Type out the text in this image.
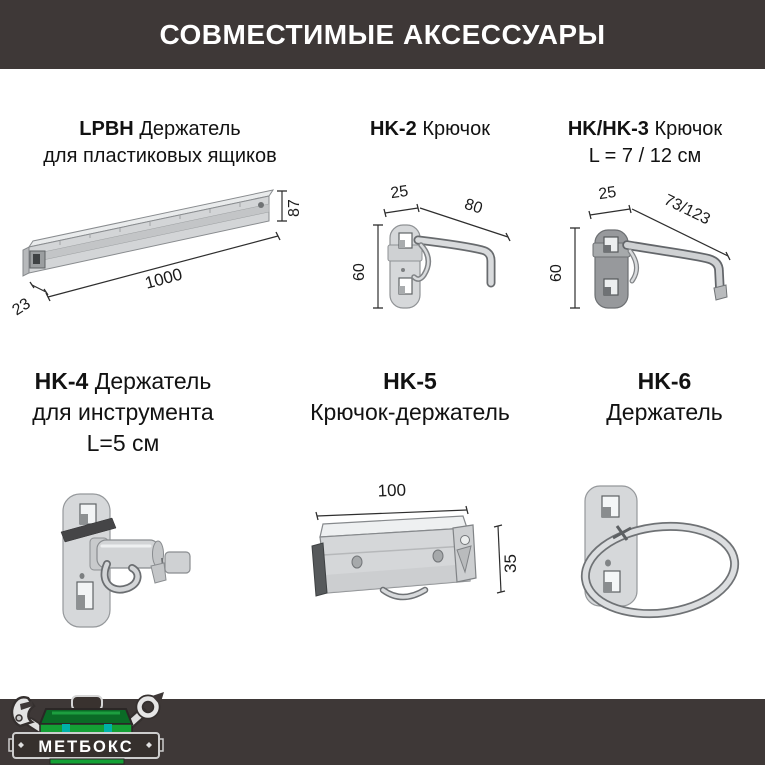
СОВМЕСТИМЫЕ АКСЕССУАРЫ
LPBH Держатель
для пластиковых ящиков
HK-2 Крючок	HK/HK-3 Крючок
L = 7 / 12 см
HK-4 Держатель
для инструмента
L=5 см
HK-5
Крючок-держатель
HK-6
Держатель
87
1000
23
60
25
80
60
25	73/123
100
35
МЕТБОКС
